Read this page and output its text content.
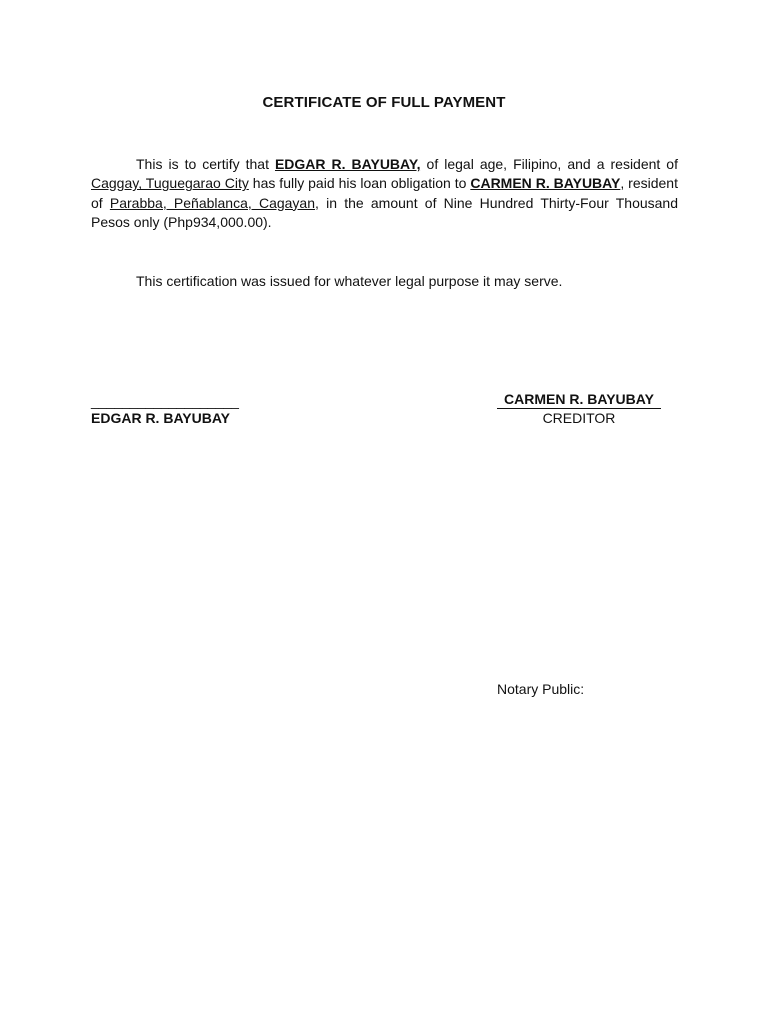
CERTIFICATE OF FULL PAYMENT

This is to certify that EDGAR R. BAYUBAY, of legal age, Filipino, and a resident of Caggay, Tuguegarao City has fully paid his loan obligation to CARMEN R. BAYUBAY, resident of Parabba, Peñablanca, Cagayan, in the amount of Nine Hundred Thirty-Four Thousand Pesos only (Php934,000.00).

This certification was issued for whatever legal purpose it may serve.
___________________
EDGAR R. BAYUBAY
CARMEN R. BAYUBAY
CREDITOR
Notary Public:
